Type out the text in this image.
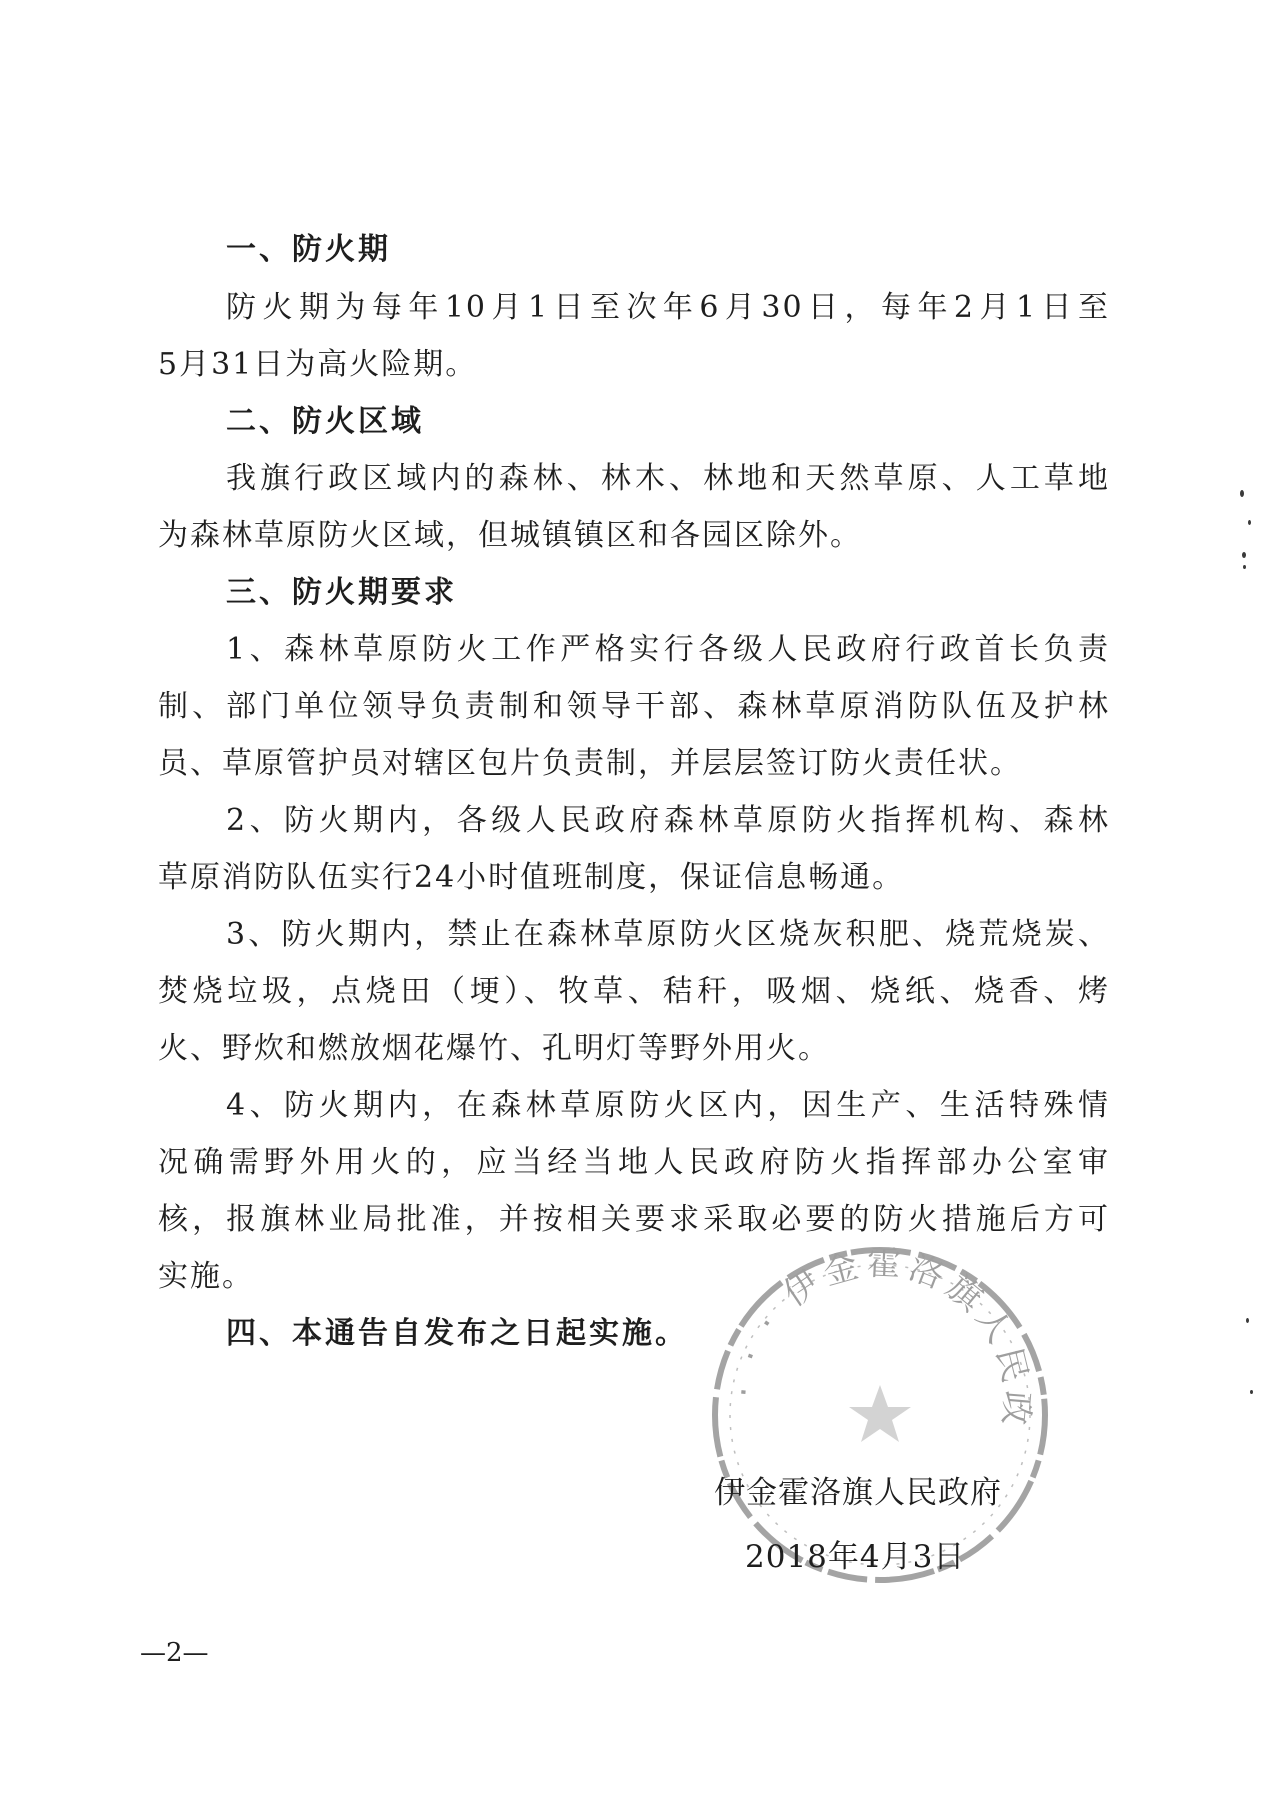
· · · 伊金霍洛旗人民政
一、防火期
防火期为每年10月1日至次年6月30日，每年2月1日至
5月31日为高火险期。
二、防火区域
我旗行政区域内的森林、林木、林地和天然草原、人工草地
为森林草原防火区域，但城镇镇区和各园区除外。
三、防火期要求
1、森林草原防火工作严格实行各级人民政府行政首长负责
制、部门单位领导负责制和领导干部、森林草原消防队伍及护林
员、草原管护员对辖区包片负责制，并层层签订防火责任状。
2、防火期内，各级人民政府森林草原防火指挥机构、森林
草原消防队伍实行24小时值班制度，保证信息畅通。
3、防火期内，禁止在森林草原防火区烧灰积肥、烧荒烧炭、
焚烧垃圾，点烧田（埂）、牧草、秸秆，吸烟、烧纸、烧香、烤
火、野炊和燃放烟花爆竹、孔明灯等野外用火。
4、防火期内，在森林草原防火区内，因生产、生活特殊情
况确需野外用火的，应当经当地人民政府防火指挥部办公室审
核，报旗林业局批准，并按相关要求采取必要的防火措施后方可
实施。
四、本通告自发布之日起实施。
伊金霍洛旗人民政府
2018年4月3日
—2—
